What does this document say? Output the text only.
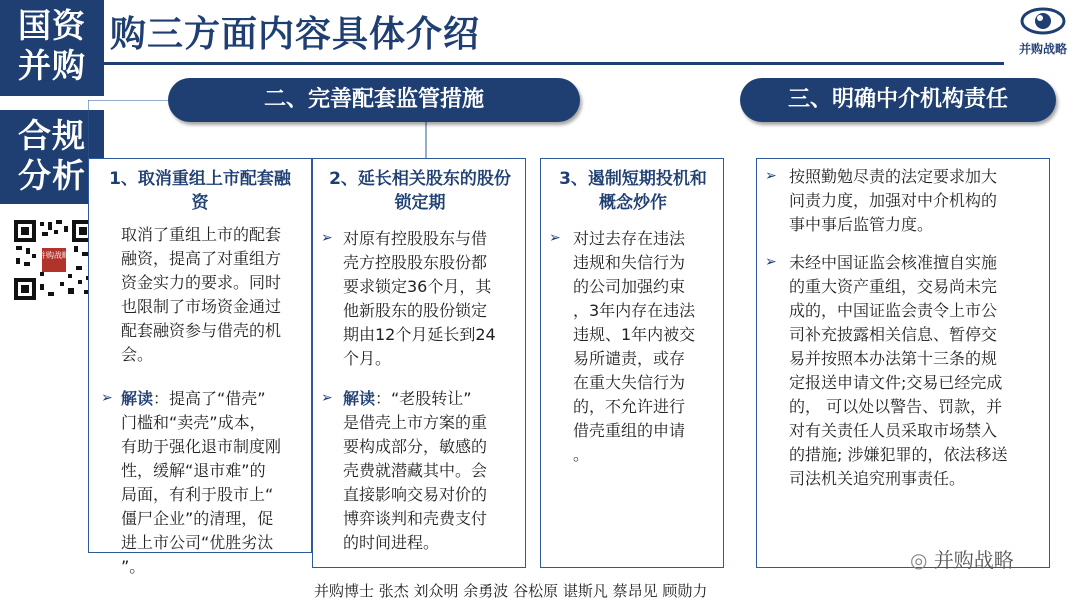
国资
并购
合规
分析
购三方面内容具体介绍	并购战略
并购战略
二、完善配套监管措施	三、明确中介机构责任
1、取消重组上市配套融
资
取消了重组上市的配套
融资，提高了对重组方
资金实力的要求。同时
也限制了市场资金通过
配套融资参与借壳的机
会。
➢ 解读：提高了“借壳”
门槛和“卖壳”成本，
有助于强化退市制度刚
性，缓解“退市难”的
局面，有利于股市上“
僵尸企业”的清理，促
进上市公司“优胜劣汰
”。
2、延长相关股东的股份
锁定期
➢ 对原有控股股东与借
壳方控股股东股份都
要求锁定36个月，其
他新股东的股份锁定
期由12个月延长到24
个月。
➢ 解读：“老股转让”
是借壳上市方案的重
要构成部分，敏感的
壳费就潜藏其中。会
直接影响交易对价的
博弈谈判和壳费支付
的时间进程。
3、遏制短期投机和
概念炒作
➢ 对过去存在违法
违规和失信行为
的公司加强约束
，3年内存在违法
违规、1年内被交
易所谴责，或存
在重大失信行为
的，不允许进行
借壳重组的申请
。
➢ 按照勤勉尽责的法定要求加大
问责力度，加强对中介机构的
事中事后监管力度。
➢ 未经中国证监会核准擅自实施
的重大资产重组，交易尚未完
成的，中国证监会责令上市公
司补充披露相关信息、暂停交
易并按照本办法第十三条的规
定报送申请文件;交易已经完成
的， 可以处以警告、罚款，并
对有关责任人员采取市场禁入
的措施; 涉嫌犯罪的，依法移送
司法机关追究刑事责任。
并购博士 张杰 刘众明 余勇波 谷松原 谌斯凡 蔡昂见 顾勋力
◎ 并购战略
